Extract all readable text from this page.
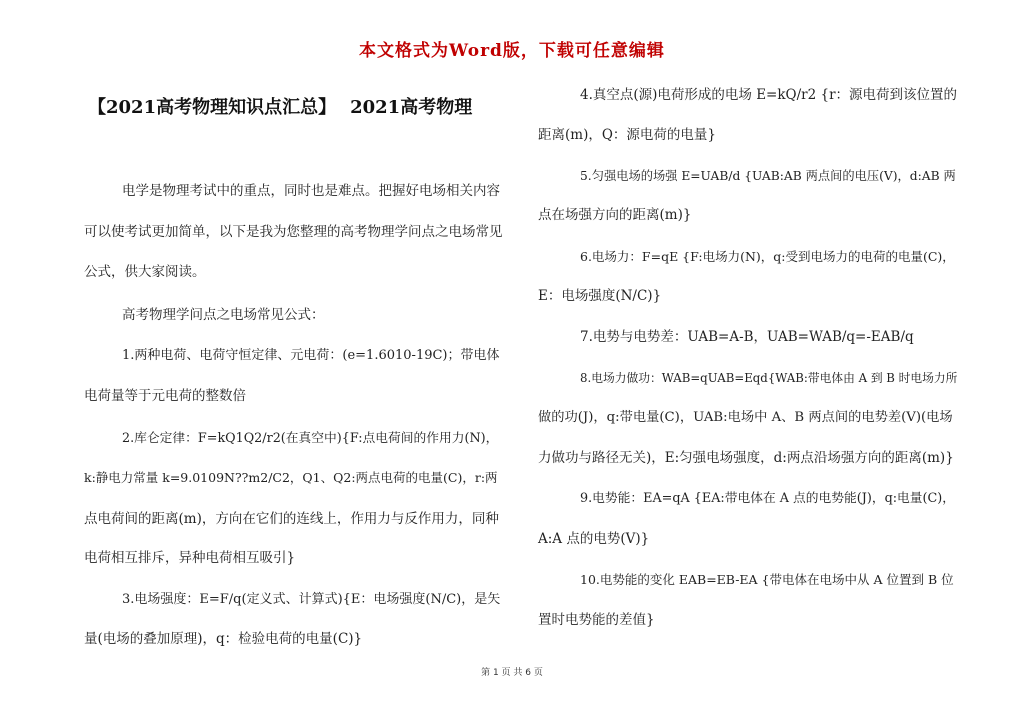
本文格式为Word版，下载可任意编辑
【2021高考物理知识点汇总】 2021高考物理
电学是物理考试中的重点，同时也是难点。把握好电场相关内容
可以使考试更加简单，以下是我为您整理的高考物理学问点之电场常见
公式，供大家阅读。
高考物理学问点之电场常见公式：
1.两种电荷、电荷守恒定律、元电荷：(e=1.6010-19C)；带电体
电荷量等于元电荷的整数倍
2.库仑定律：F=kQ1Q2/r2(在真空中){F:点电荷间的作用力(N)，
k:静电力常量 k=9.0109N??m2/C2，Q1、Q2:两点电荷的电量(C)，r:两
点电荷间的距离(m)，方向在它们的连线上，作用力与反作用力，同种
电荷相互排斥，异种电荷相互吸引}
3.电场强度：E=F/q(定义式、计算式){E：电场强度(N/C)，是矢
量(电场的叠加原理)，q：检验电荷的电量(C)}
4.真空点(源)电荷形成的电场 E=kQ/r2 {r：源电荷到该位置的
距离(m)，Q：源电荷的电量}
5.匀强电场的场强 E=UAB/d {UAB:AB 两点间的电压(V)，d:AB 两
点在场强方向的距离(m)}
6.电场力：F=qE {F:电场力(N)，q:受到电场力的电荷的电量(C)，
E：电场强度(N/C)}
7.电势与电势差：UAB=A-B，UAB=WAB/q=-EAB/q
8.电场力做功：WAB=qUAB=Eqd{WAB:带电体由 A 到 B 时电场力所
做的功(J)，q:带电量(C)，UAB:电场中 A、B 两点间的电势差(V)(电场
力做功与路径无关)，E:匀强电场强度，d:两点沿场强方向的距离(m)}
9.电势能：EA=qA {EA:带电体在 A 点的电势能(J)，q:电量(C)，
A:A 点的电势(V)}
10.电势能的变化 EAB=EB-EA {带电体在电场中从 A 位置到 B 位
置时电势能的差值}
第 1 页 共 6 页
